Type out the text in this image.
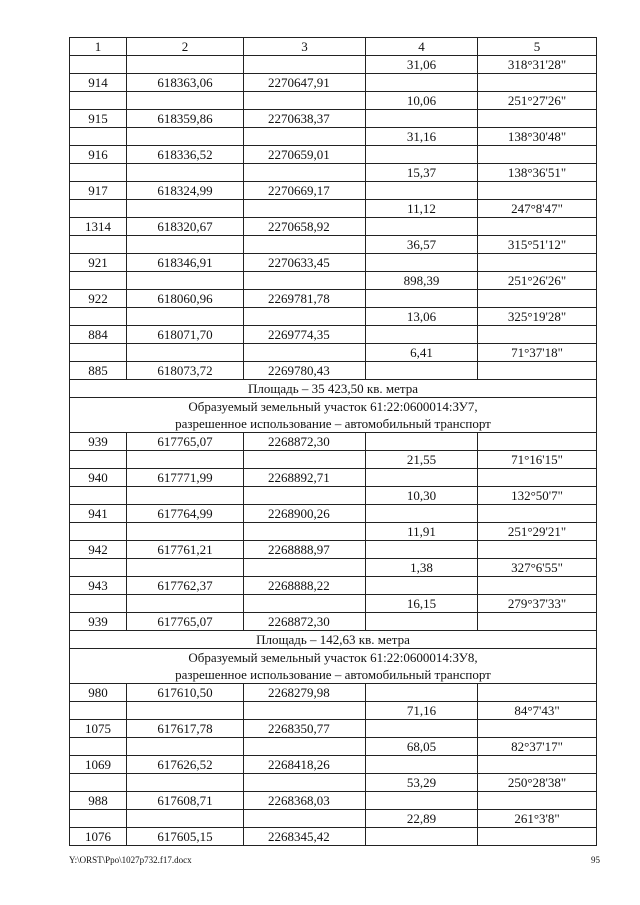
1	2	3	4	5
			31,06	318°31'28"
914	618363,06	2270647,91		
			10,06	251°27'26"
915	618359,86	2270638,37		
			31,16	138°30'48"
916	618336,52	2270659,01		
			15,37	138°36'51"
917	618324,99	2270669,17		
			11,12	247°8'47"
1314	618320,67	2270658,92		
			36,57	315°51'12"
921	618346,91	2270633,45		
			898,39	251°26'26"
922	618060,96	2269781,78		
			13,06	325°19'28"
884	618071,70	2269774,35		
			6,41	71°37'18"
885	618073,72	2269780,43		
Площадь – 35 423,50 кв. метра				

Образуемый земельный участок 61:22:0600014:ЗУ7,
разрешенное использование – автомобильный транспорт				

939	617765,07	2268872,30		
			21,55	71°16'15"
940	617771,99	2268892,71		
			10,30	132°50'7"
941	617764,99	2268900,26		
			11,91	251°29'21"
942	617761,21	2268888,97		
			1,38	327°6'55"
943	617762,37	2268888,22		
			16,15	279°37'33"
939	617765,07	2268872,30		
Площадь – 142,63 кв. метра				

Образуемый земельный участок 61:22:0600014:ЗУ8,
разрешенное использование – автомобильный транспорт				

980	617610,50	2268279,98		
			71,16	84°7'43"
1075	617617,78	2268350,77		
			68,05	82°37'17"
1069	617626,52	2268418,26		
			53,29	250°28'38"
988	617608,71	2268368,03		
			22,89	261°3'8"
1076	617605,15	2268345,42		
Y:\ORST\Ppo\1027p732.f17.docx	95
